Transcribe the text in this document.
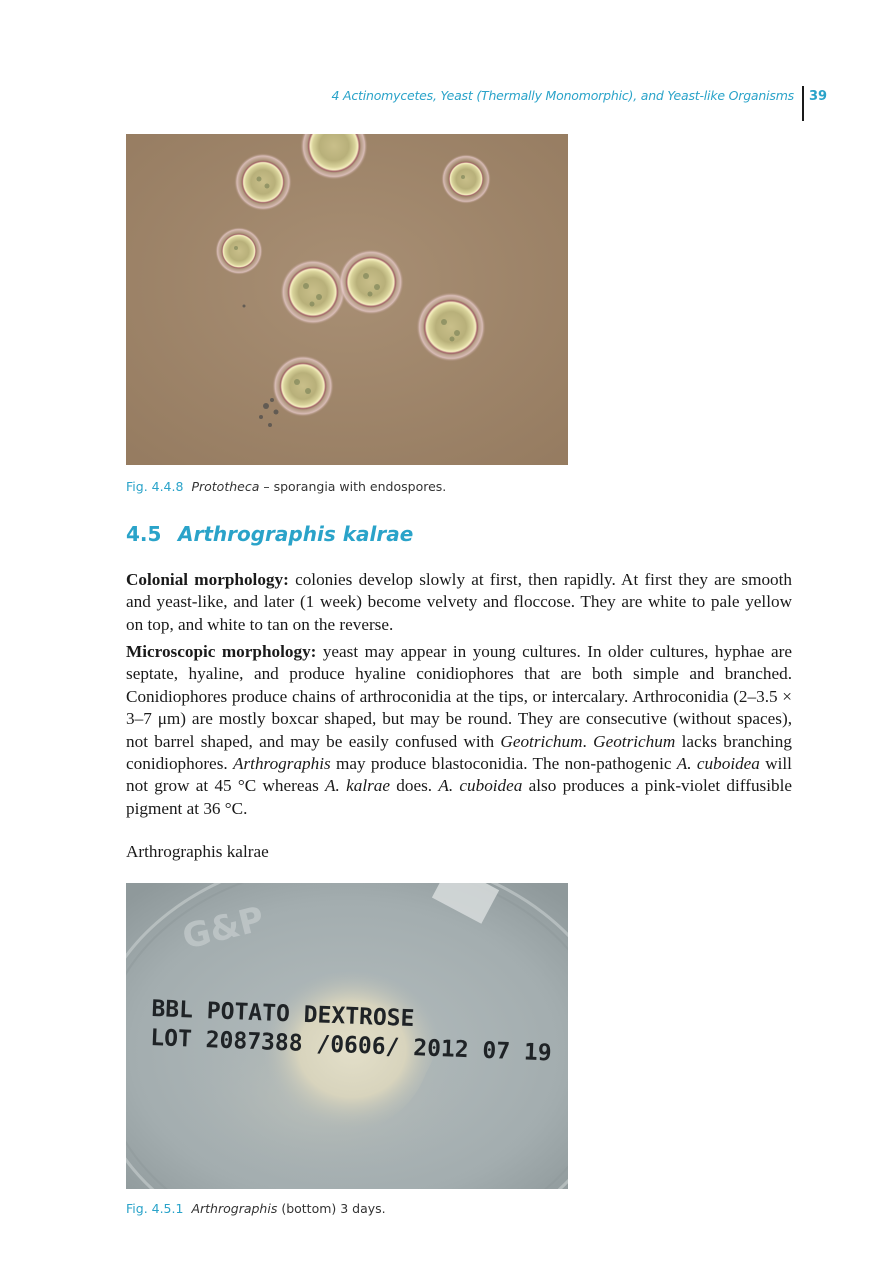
4 Actinomycetes, Yeast (Thermally Monomorphic), and Yeast-like Organisms 39
Fig. 4.4.8 Prototheca – sporangia with endospores.
4.5 Arthrographis kalrae

Colonial morphology: colonies develop slowly at first, then rapidly. At first they are smooth and yeast-like, and later (1 week) become velvety and floccose. They are white to pale yellow on top, and white to tan on the reverse.

Microscopic morphology: yeast may appear in young cultures. In older cultures, hyphae are septate, hyaline, and produce hyaline conidiophores that are both simple and branched. Conidiophores produce chains of arthroconidia at the tips, or intercalary. Arthroconidia (2–3.5 × 3–7 μm) are mostly boxcar shaped, but may be round. They are consecutive (without spaces), not barrel shaped, and may be easily confused with Geotrichum. Geotrichum lacks branching conidiophores. Arthrographis may produce blastoconidia. The non-pathogenic A. cuboidea will not grow at 45 °C whereas A. kalrae does. A. cuboidea also produces a pink-violet diffusible pigment at 36 °C.

Arthrographis kalrae
G&P
BBL POTATO DEXTROSE
LOT 2087388 /0606/ 2012 07 19
Fig. 4.5.1 Arthrographis (bottom) 3 days.
